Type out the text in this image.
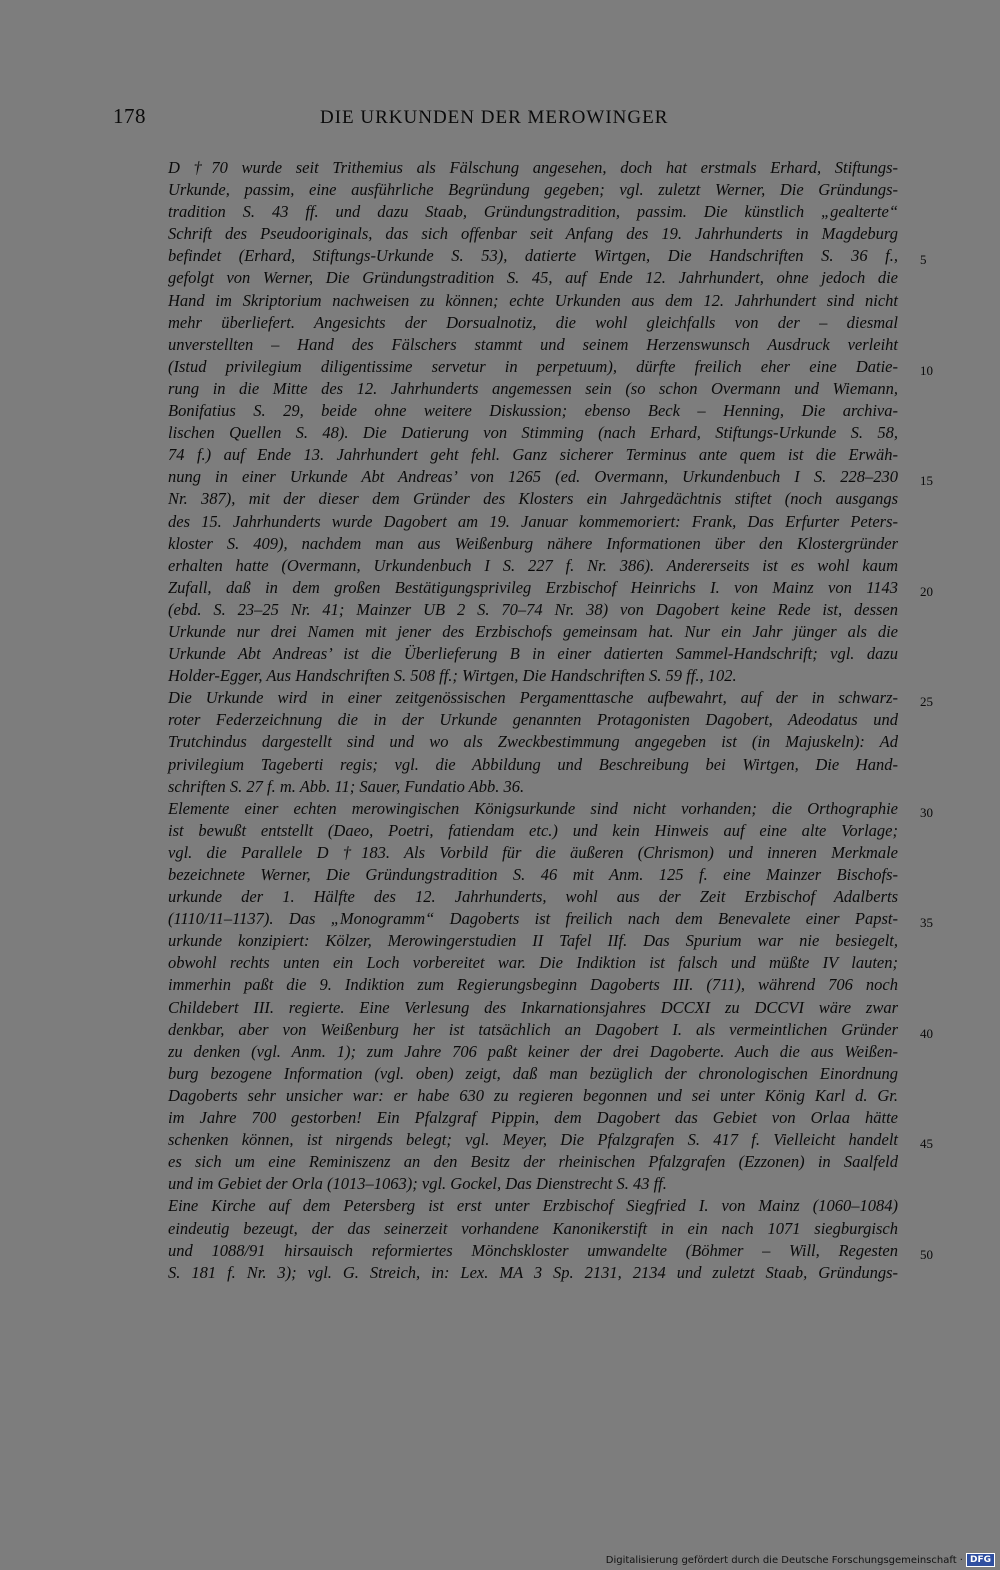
178	DIE URKUNDEN DER MEROWINGER
D †70 wurde seit Trithemius als Fälschung angesehen, doch hat erstmals Erhard, Stiftungs-
Urkunde, passim, eine ausführliche Begründung gegeben; vgl. zuletzt Werner, Die Gründungs-
tradition S. 43 ff. und dazu Staab, Gründungstradition, passim. Die künstlich „gealterte“
Schrift des Pseudooriginals, das sich offenbar seit Anfang des 19. Jahrhunderts in Magdeburg
befindet (Erhard, Stiftungs-Urkunde S. 53), datierte Wirtgen, Die Handschriften S. 36 f.,
gefolgt von Werner, Die Gründungstradition S. 45, auf Ende 12. Jahrhundert, ohne jedoch die
Hand im Skriptorium nachweisen zu können; echte Urkunden aus dem 12. Jahrhundert sind nicht
mehr überliefert. Angesichts der Dorsualnotiz, die wohl gleichfalls von der – diesmal
unverstellten – Hand des Fälschers stammt und seinem Herzenswunsch Ausdruck verleiht
(Istud privilegium diligentissime servetur in perpetuum), dürfte freilich eher eine Datie-
rung in die Mitte des 12. Jahrhunderts angemessen sein (so schon Overmann und Wiemann,
Bonifatius S. 29, beide ohne weitere Diskussion; ebenso Beck – Henning, Die archiva-
lischen Quellen S. 48). Die Datierung von Stimming (nach Erhard, Stiftungs-Urkunde S. 58,
74 f.) auf Ende 13. Jahrhundert geht fehl. Ganz sicherer Terminus ante quem ist die Erwäh-
nung in einer Urkunde Abt Andreas’ von 1265 (ed. Overmann, Urkundenbuch I S. 228–230
Nr. 387), mit der dieser dem Gründer des Klosters ein Jahrgedächtnis stiftet (noch ausgangs
des 15. Jahrhunderts wurde Dagobert am 19. Januar kommemoriert: Frank, Das Erfurter Peters-
kloster S. 409), nachdem man aus Weißenburg nähere Informationen über den Klostergründer
erhalten hatte (Overmann, Urkundenbuch I S. 227 f. Nr. 386). Andererseits ist es wohl kaum
Zufall, daß in dem großen Bestätigungsprivileg Erzbischof Heinrichs I. von Mainz von 1143
(ebd. S. 23–25 Nr. 41; Mainzer UB 2 S. 70–74 Nr. 38) von Dagobert keine Rede ist, dessen
Urkunde nur drei Namen mit jener des Erzbischofs gemeinsam hat. Nur ein Jahr jünger als die
Urkunde Abt Andreas’ ist die Überlieferung B in einer datierten Sammel-Handschrift; vgl. dazu
Holder-Egger, Aus Handschriften S. 508 ff.; Wirtgen, Die Handschriften S. 59 ff., 102.
Die Urkunde wird in einer zeitgenössischen Pergamenttasche aufbewahrt, auf der in schwarz-
roter Federzeichnung die in der Urkunde genannten Protagonisten Dagobert, Adeodatus und
Trutchindus dargestellt sind und wo als Zweckbestimmung angegeben ist (in Majuskeln): Ad
privilegium Tageberti regis; vgl. die Abbildung und Beschreibung bei Wirtgen, Die Hand-
schriften S. 27 f. m. Abb. 11; Sauer, Fundatio Abb. 36.
Elemente einer echten merowingischen Königsurkunde sind nicht vorhanden; die Orthographie
ist bewußt entstellt (Daeo, Poetri, fatiendam etc.) und kein Hinweis auf eine alte Vorlage;
vgl. die Parallele D †183. Als Vorbild für die äußeren (Chrismon) und inneren Merkmale
bezeichnete Werner, Die Gründungstradition S. 46 mit Anm. 125 f. eine Mainzer Bischofs-
urkunde der 1. Hälfte des 12. Jahrhunderts, wohl aus der Zeit Erzbischof Adalberts
(1110/11–1137). Das „Monogramm“ Dagoberts ist freilich nach dem Benevalete einer Papst-
urkunde konzipiert: Kölzer, Merowingerstudien II Tafel IIf. Das Spurium war nie besiegelt,
obwohl rechts unten ein Loch vorbereitet war. Die Indiktion ist falsch und müßte IV lauten;
immerhin paßt die 9. Indiktion zum Regierungsbeginn Dagoberts III. (711), während 706 noch
Childebert III. regierte. Eine Verlesung des Inkarnationsjahres DCCXI zu DCCVI wäre zwar
denkbar, aber von Weißenburg her ist tatsächlich an Dagobert I. als vermeintlichen Gründer
zu denken (vgl. Anm. 1); zum Jahre 706 paßt keiner der drei Dagoberte. Auch die aus Weißen-
burg bezogene Information (vgl. oben) zeigt, daß man bezüglich der chronologischen Einordnung
Dagoberts sehr unsicher war: er habe 630 zu regieren begonnen und sei unter König Karl d. Gr.
im Jahre 700 gestorben! Ein Pfalzgraf Pippin, dem Dagobert das Gebiet von Orlaa hätte
schenken können, ist nirgends belegt; vgl. Meyer, Die Pfalzgrafen S. 417 f. Vielleicht handelt
es sich um eine Reminiszenz an den Besitz der rheinischen Pfalzgrafen (Ezzonen) in Saalfeld
und im Gebiet der Orla (1013–1063); vgl. Gockel, Das Dienstrecht S. 43 ff.
Eine Kirche auf dem Petersberg ist erst unter Erzbischof Siegfried I. von Mainz (1060–1084)
eindeutig bezeugt, der das seinerzeit vorhandene Kanonikerstift in ein nach 1071 siegburgisch
und 1088/91 hirsauisch reformiertes Mönchskloster umwandelte (Böhmer – Will, Regesten
S. 181 f. Nr. 3); vgl. G. Streich, in: Lex. MA 3 Sp. 2131, 2134 und zuletzt Staab, Gründungs-
5
10
15
20
25
30
35
40
45
50
Digitalisierung gefördert durch die Deutsche Forschungsgemeinschaft · DFG
